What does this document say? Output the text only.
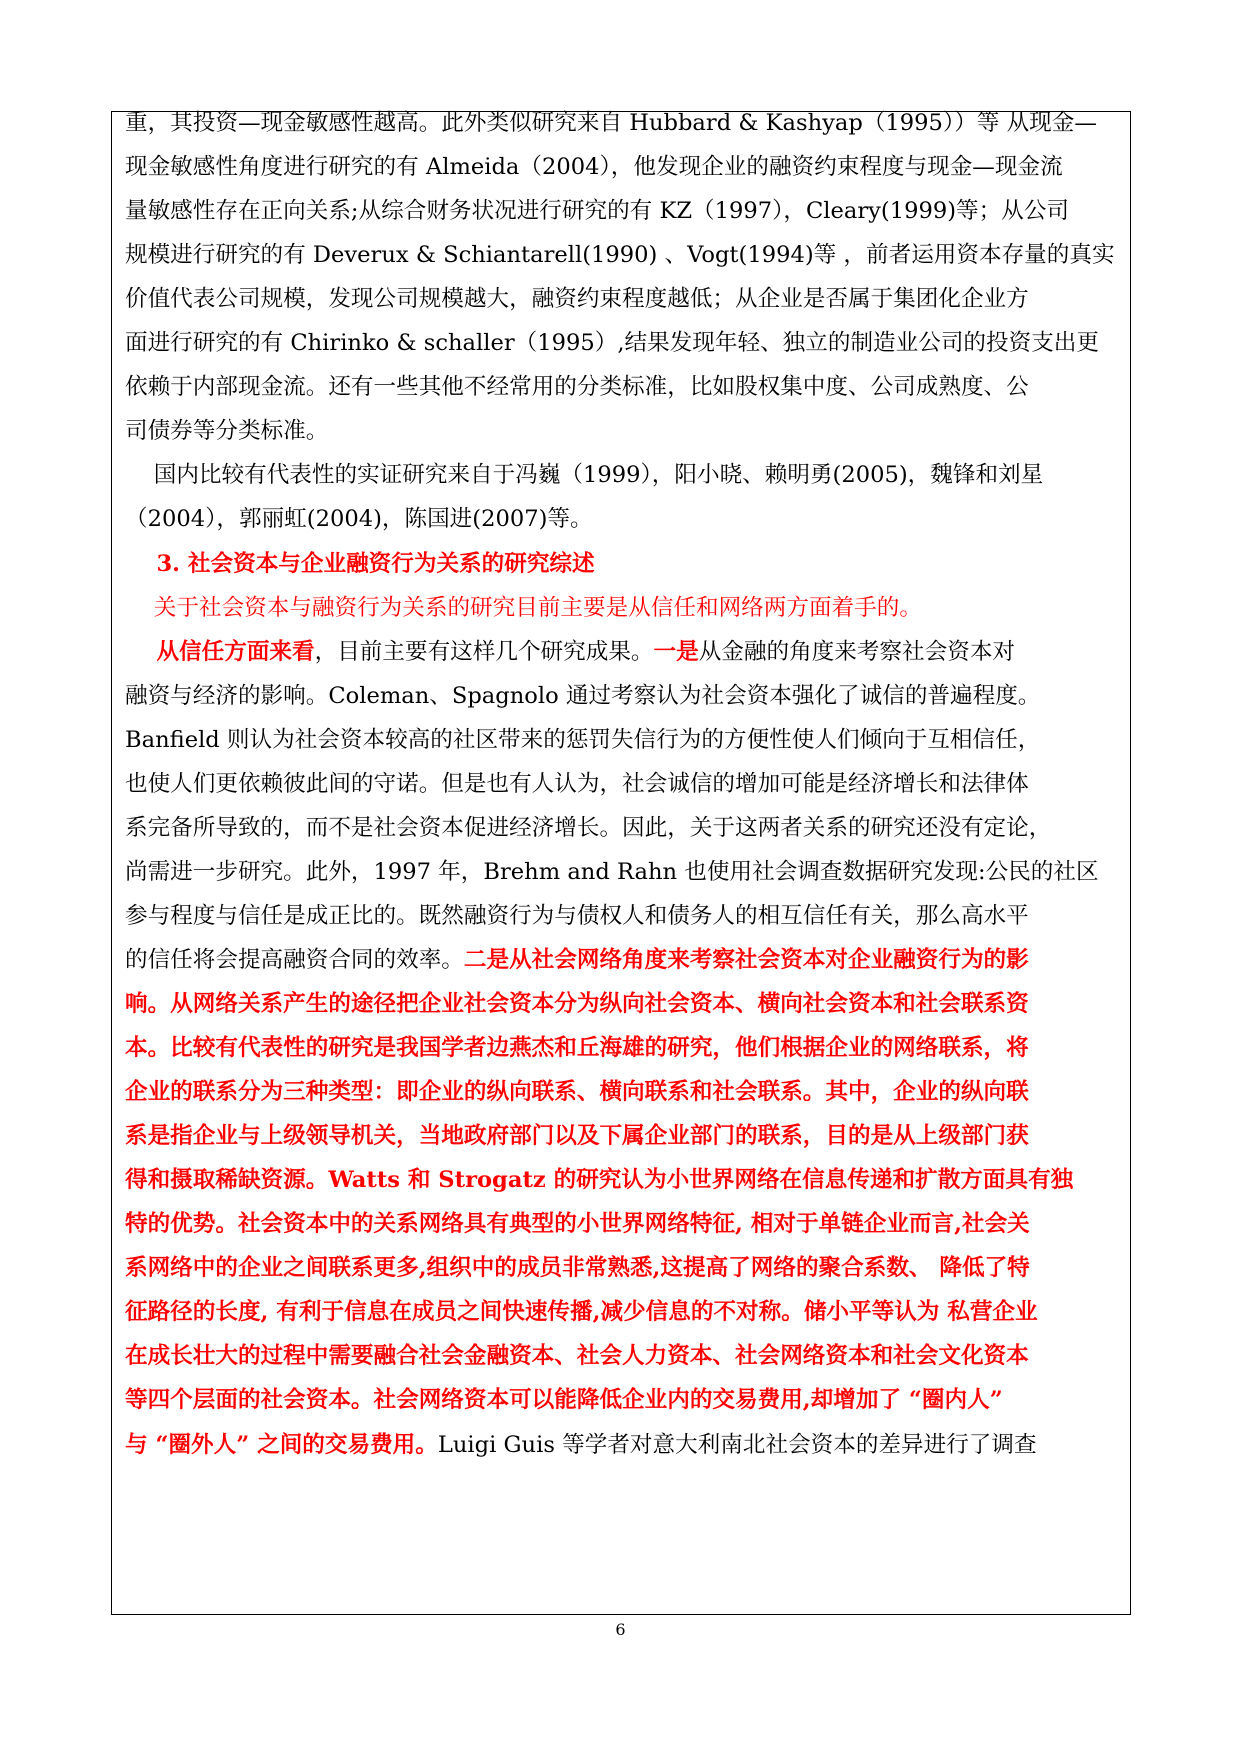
重，其投资—现金敏感性越高。此外类似研究来自 Hubbard & Kashyap（1995））等 从现金—
现金敏感性角度进行研究的有 Almeida（2004），他发现企业的融资约束程度与现金—现金流
量敏感性存在正向关系;从综合财务状况进行研究的有 KZ（1997），Cleary(1999)等；从公司
规模进行研究的有 Deverux & Schiantarell(1990) 、Vogt(1994)等 ，前者运用资本存量的真实
价值代表公司规模，发现公司规模越大，融资约束程度越低；从企业是否属于集团化企业方
面进行研究的有 Chirinko & schaller（1995）,结果发现年轻、独立的制造业公司的投资支出更
依赖于内部现金流。还有一些其他不经常用的分类标准，比如股权集中度、公司成熟度、公
司债券等分类标准。
国内比较有代表性的实证研究来自于冯巍（1999），阳小晓、赖明勇(2005)，魏锋和刘星
（2004），郭丽虹(2004)，陈国进(2007)等。
3. 社会资本与企业融资行为关系的研究综述
关于社会资本与融资行为关系的研究目前主要是从信任和网络两方面着手的。
从信任方面来看，目前主要有这样几个研究成果。一是从金融的角度来考察社会资本对
融资与经济的影响。Coleman、Spagnolo 通过考察认为社会资本强化了诚信的普遍程度。
Banfield 则认为社会资本较高的社区带来的惩罚失信行为的方便性使人们倾向于互相信任，
也使人们更依赖彼此间的守诺。但是也有人认为，社会诚信的增加可能是经济增长和法律体
系完备所导致的，而不是社会资本促进经济增长。因此，关于这两者关系的研究还没有定论，
尚需进一步研究。此外，1997 年，Brehm and Rahn 也使用社会调查数据研究发现:公民的社区
参与程度与信任是成正比的。既然融资行为与债权人和债务人的相互信任有关，那么高水平
的信任将会提高融资合同的效率。二是从社会网络角度来考察社会资本对企业融资行为的影
响。从网络关系产生的途径把企业社会资本分为纵向社会资本、横向社会资本和社会联系资
本。比较有代表性的研究是我国学者边燕杰和丘海雄的研究，他们根据企业的网络联系，将
企业的联系分为三种类型：即企业的纵向联系、横向联系和社会联系。其中，企业的纵向联
系是指企业与上级领导机关，当地政府部门以及下属企业部门的联系，目的是从上级部门获
得和摄取稀缺资源。Watts 和 Strogatz 的研究认为小世界网络在信息传递和扩散方面具有独
特的优势。社会资本中的关系网络具有典型的小世界网络特征, 相对于单链企业而言,社会关
系网络中的企业之间联系更多,组织中的成员非常熟悉,这提高了网络的聚合系数、 降低了特
征路径的长度, 有利于信息在成员之间快速传播,减少信息的不对称。储小平等认为 私营企业
在成长壮大的过程中需要融合社会金融资本、社会人力资本、社会网络资本和社会文化资本
等四个层面的社会资本。社会网络资本可以能降低企业内的交易费用,却增加了 “圈内人”
与 “圈外人” 之间的交易费用。Luigi Guis 等学者对意大利南北社会资本的差异进行了调查
6
